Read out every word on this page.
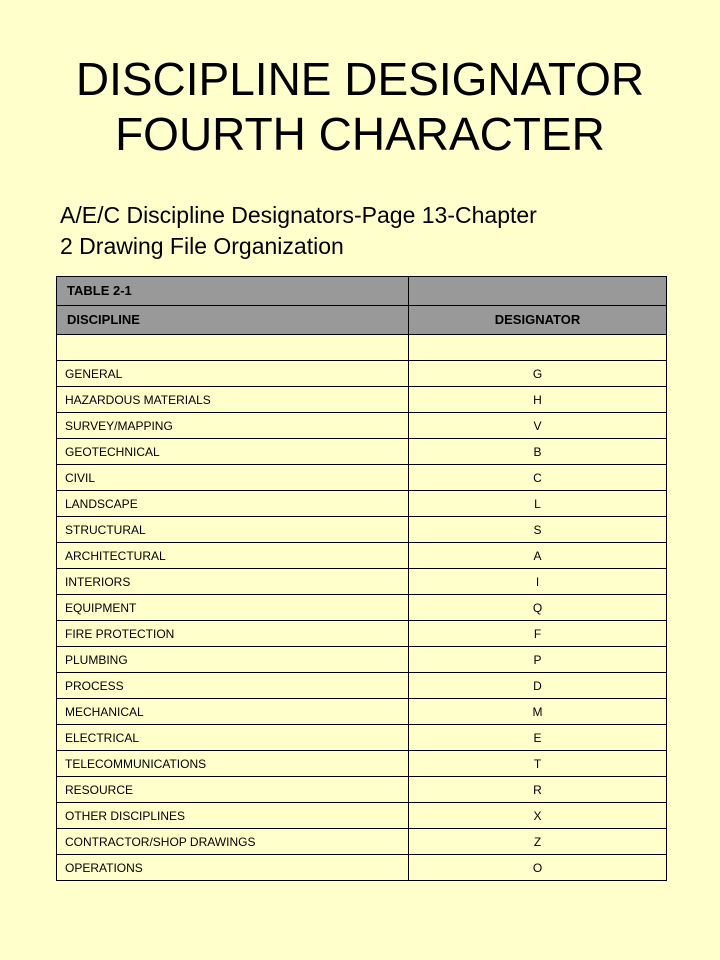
DISCIPLINE DESIGNATOR
FOURTH CHARACTER

A/E/C Discipline Designators-Page 13-Chapter
2 Drawing File Organization

TABLE 2-1	
DISCIPLINE	DESIGNATOR

GENERAL	G
HAZARDOUS MATERIALS	H
SURVEY/MAPPING	V
GEOTECHNICAL	B
CIVIL	C
LANDSCAPE	L
STRUCTURAL	S
ARCHITECTURAL	A
INTERIORS	I
EQUIPMENT	Q
FIRE PROTECTION	F
PLUMBING	P
PROCESS	D
MECHANICAL	M
ELECTRICAL	E
TELECOMMUNICATIONS	T
RESOURCE	R
OTHER DISCIPLINES	X
CONTRACTOR/SHOP DRAWINGS	Z
OPERATIONS	O
